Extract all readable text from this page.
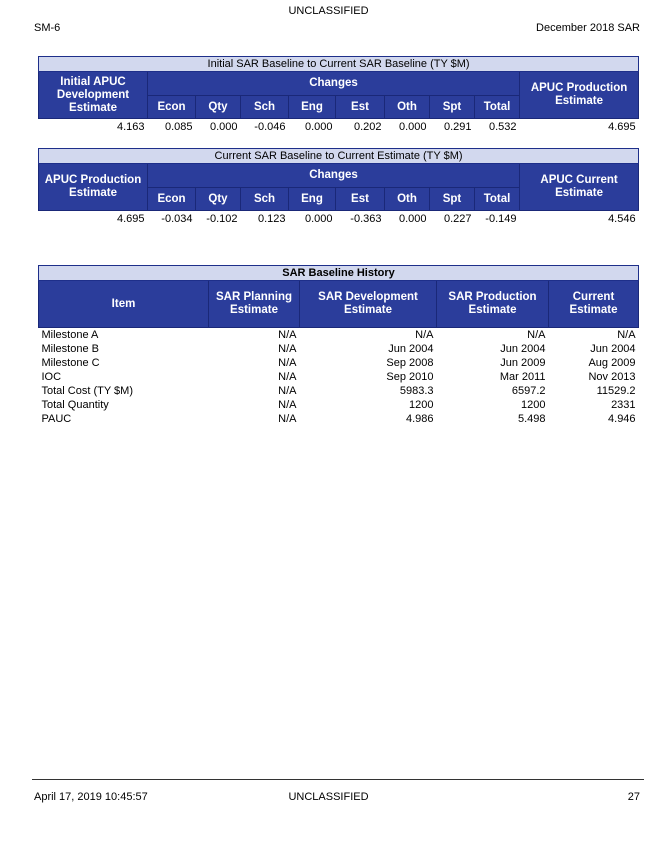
UNCLASSIFIED
SM-6	December 2018 SAR
Initial SAR Baseline to Current SAR Baseline (TY $M)									
Initial APUC Development Estimate	Changes								APUC Production Estimate
	Econ	Qty	Sch	Eng	Est	Oth	Spt	Total	
4.163	0.085	0.000	-0.046	0.000	0.202	0.000	0.291	0.532	4.695
Current SAR Baseline to Current Estimate (TY $M)									
APUC Production Estimate	Changes								APUC Current Estimate
	Econ	Qty	Sch	Eng	Est	Oth	Spt	Total	
4.695	-0.034	-0.102	0.123	0.000	-0.363	0.000	0.227	-0.149	4.546
SAR Baseline History				
Item	SAR Planning Estimate	SAR Development Estimate	SAR Production Estimate	Current Estimate
Milestone A	N/A	N/A	N/A	N/A
Milestone B	N/A	Jun 2004	Jun 2004	Jun 2004
Milestone C	N/A	Sep 2008	Jun 2009	Aug 2009
IOC	N/A	Sep 2010	Mar 2011	Nov 2013
Total Cost (TY $M)	N/A	5983.3	6597.2	11529.2
Total Quantity	N/A	1200	1200	2331
PAUC	N/A	4.986	5.498	4.946
April 17, 2019 10:45:57	UNCLASSIFIED	27
